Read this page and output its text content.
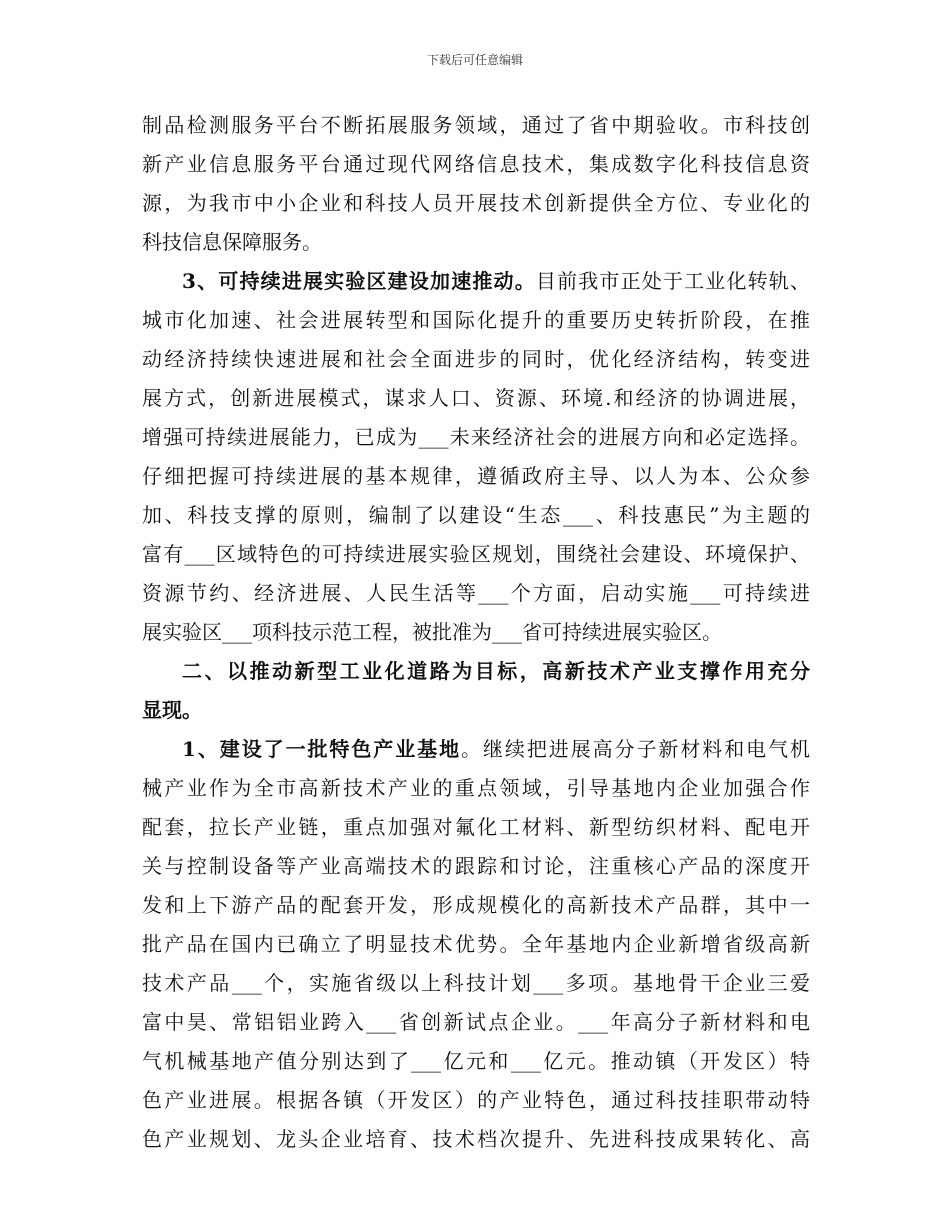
下载后可任意编辑
制品检测服务平台不断拓展服务领域，通过了省中期验收。市科技创
新产业信息服务平台通过现代网络信息技术，集成数字化科技信息资
源，为我市中小企业和科技人员开展技术创新提供全方位、专业化的
科技信息保障服务。
3、可持续进展实验区建设加速推动。目前我市正处于工业化转轨、
城市化加速、社会进展转型和国际化提升的重要历史转折阶段，在推
动经济持续快速进展和社会全面进步的同时，优化经济结构，转变进
展方式，创新进展模式，谋求人口、资源、环境.和经济的协调进展，
增强可持续进展能力，已成为___未来经济社会的进展方向和必定选择。
仔细把握可持续进展的基本规律，遵循政府主导、以人为本、公众参
加、科技支撑的原则，编制了以建设“生态___、科技惠民”为主题的
富有___区域特色的可持续进展实验区规划，围绕社会建设、环境保护、
资源节约、经济进展、人民生活等___个方面，启动实施___可持续进
展实验区___项科技示范工程，被批准为___省可持续进展实验区。
二、以推动新型工业化道路为目标，高新技术产业支撑作用充分
显现。
1、建设了一批特色产业基地。继续把进展高分子新材料和电气机
械产业作为全市高新技术产业的重点领域，引导基地内企业加强合作
配套，拉长产业链，重点加强对氟化工材料、新型纺织材料、配电开
关与控制设备等产业高端技术的跟踪和讨论，注重核心产品的深度开
发和上下游产品的配套开发，形成规模化的高新技术产品群，其中一
批产品在国内已确立了明显技术优势。全年基地内企业新增省级高新
技术产品___个，实施省级以上科技计划___多项。基地骨干企业三爱
富中昊、常铝铝业跨入___省创新试点企业。___年高分子新材料和电
气机械基地产值分别达到了___亿元和___亿元。推动镇（开发区）特
色产业进展。根据各镇（开发区）的产业特色，通过科技挂职带动特
色产业规划、龙头企业培育、技术档次提升、先进科技成果转化、高
